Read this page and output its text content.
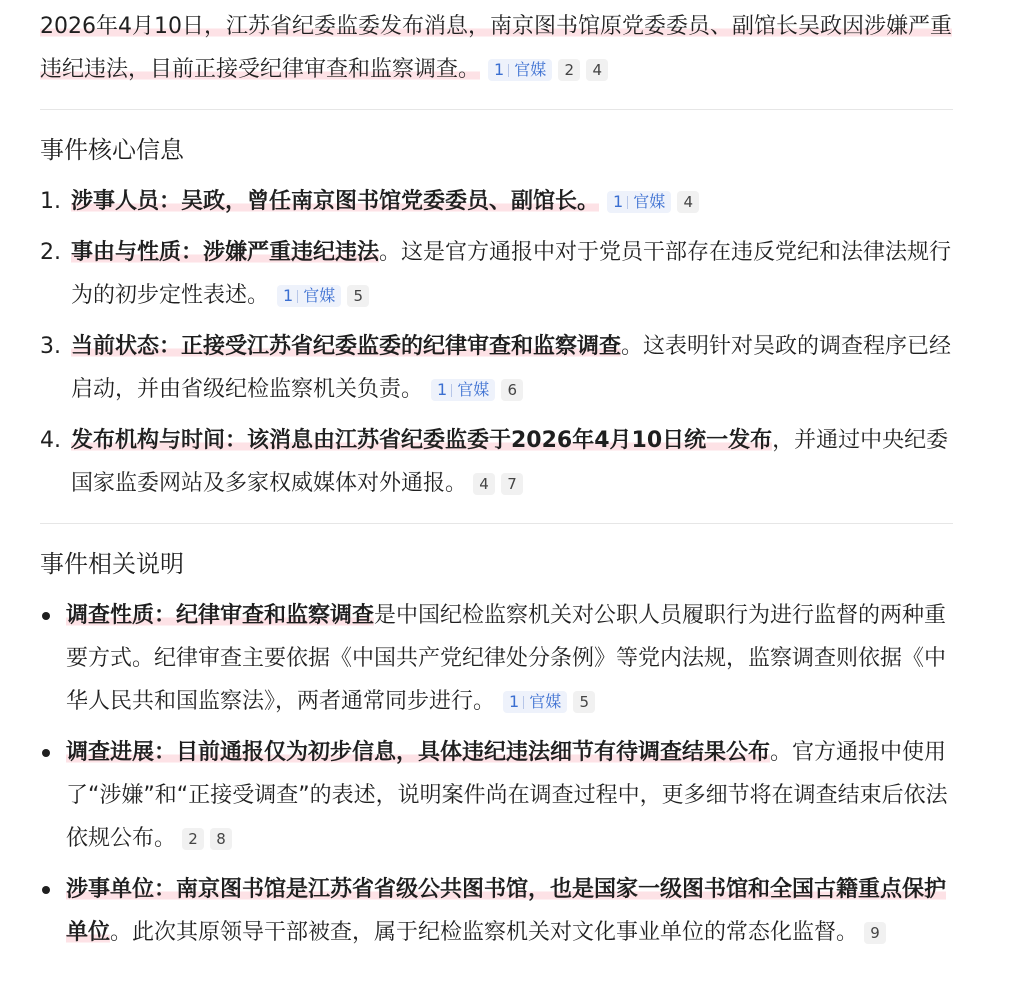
2026年4月10日，江苏省纪委监委发布消息，南京图书馆原党委委员、副馆长吴政因涉嫌严重违纪违法，目前正接受纪律审查和监察调查。 1 官媒 2 4

事件核心信息
1. 涉事人员：吴政，曾任南京图书馆党委委员、副馆长。 1 官媒 4
2. 事由与性质：涉嫌严重违纪违法。这是官方通报中对于党员干部存在违反党纪和法律法规行为的初步定性表述。 1 官媒 5
3. 当前状态：正接受江苏省纪委监委的纪律审查和监察调查。这表明针对吴政的调查程序已经启动，并由省级纪检监察机关负责。 1 官媒 6
4. 发布机构与时间：该消息由江苏省纪委监委于2026年4月10日统一发布，并通过中央纪委国家监委网站及多家权威媒体对外通报。 4 7
事件相关说明
调查性质：纪律审查和监察调查是中国纪检监察机关对公职人员履职行为进行监督的两种重要方式。纪律审查主要依据《中国共产党纪律处分条例》等党内法规，监察调查则依据《中华人民共和国监察法》，两者通常同步进行。 1 官媒 5
调查进展：目前通报仅为初步信息，具体违纪违法细节有待调查结果公布。官方通报中使用了“涉嫌”和“正接受调查”的表述，说明案件尚在调查过程中，更多细节将在调查结束后依法依规公布。 2 8
涉事单位：南京图书馆是江苏省省级公共图书馆，也是国家一级图书馆和全国古籍重点保护单位。此次其原领导干部被查，属于纪检监察机关对文化事业单位的常态化监督。 9
